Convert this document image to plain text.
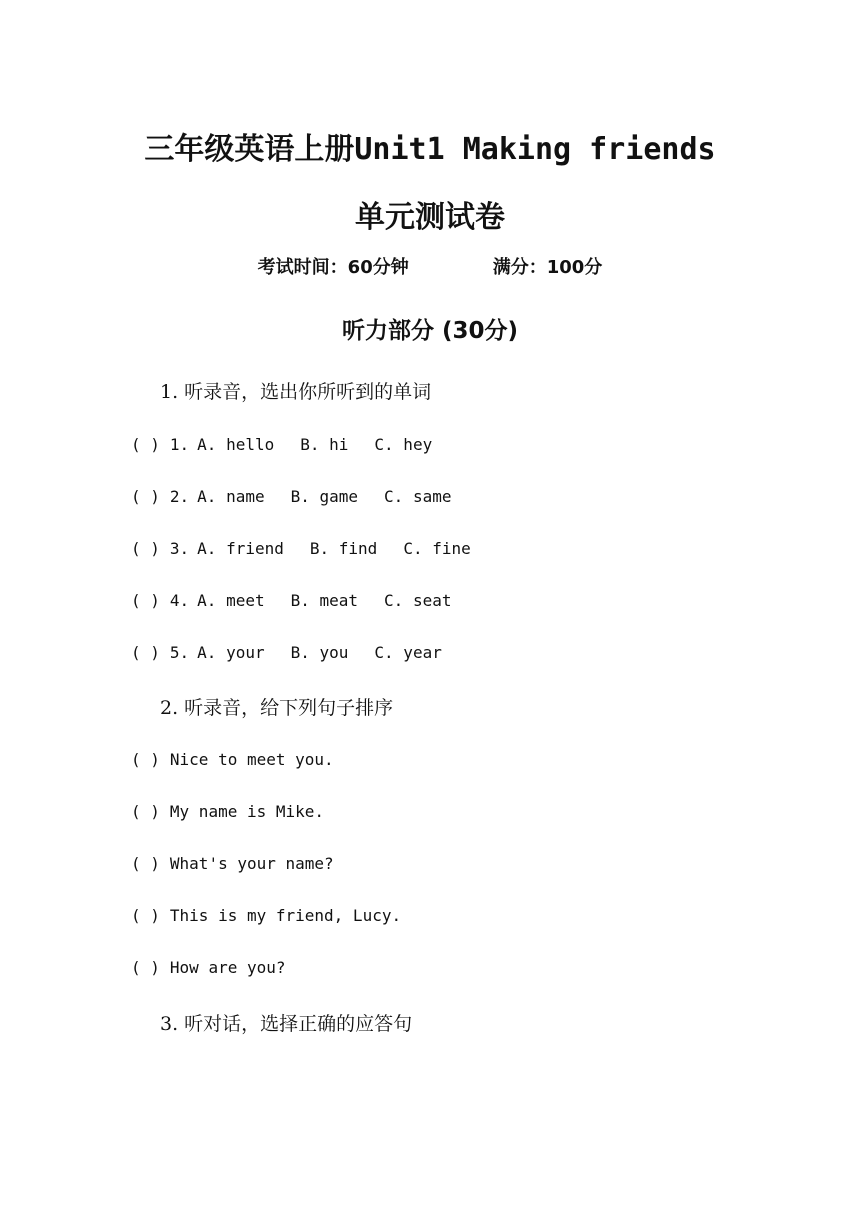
三年级英语上册Unit1 Making friends
单元测试卷
考试时间：60分钟	满分：100分
听力部分 (30分)
1. 听录音，选出你所听到的单词
( ) 1. A. hello B. hi C. hey
( ) 2. A. name B. game C. same
( ) 3. A. friend B. find C. fine
( ) 4. A. meet B. meat C. seat
( ) 5. A. your B. you C. year
2. 听录音，给下列句子排序
( ) Nice to meet you.
( ) My name is Mike.
( ) What's your name?
( ) This is my friend, Lucy.
( ) How are you?
3. 听对话，选择正确的应答句
